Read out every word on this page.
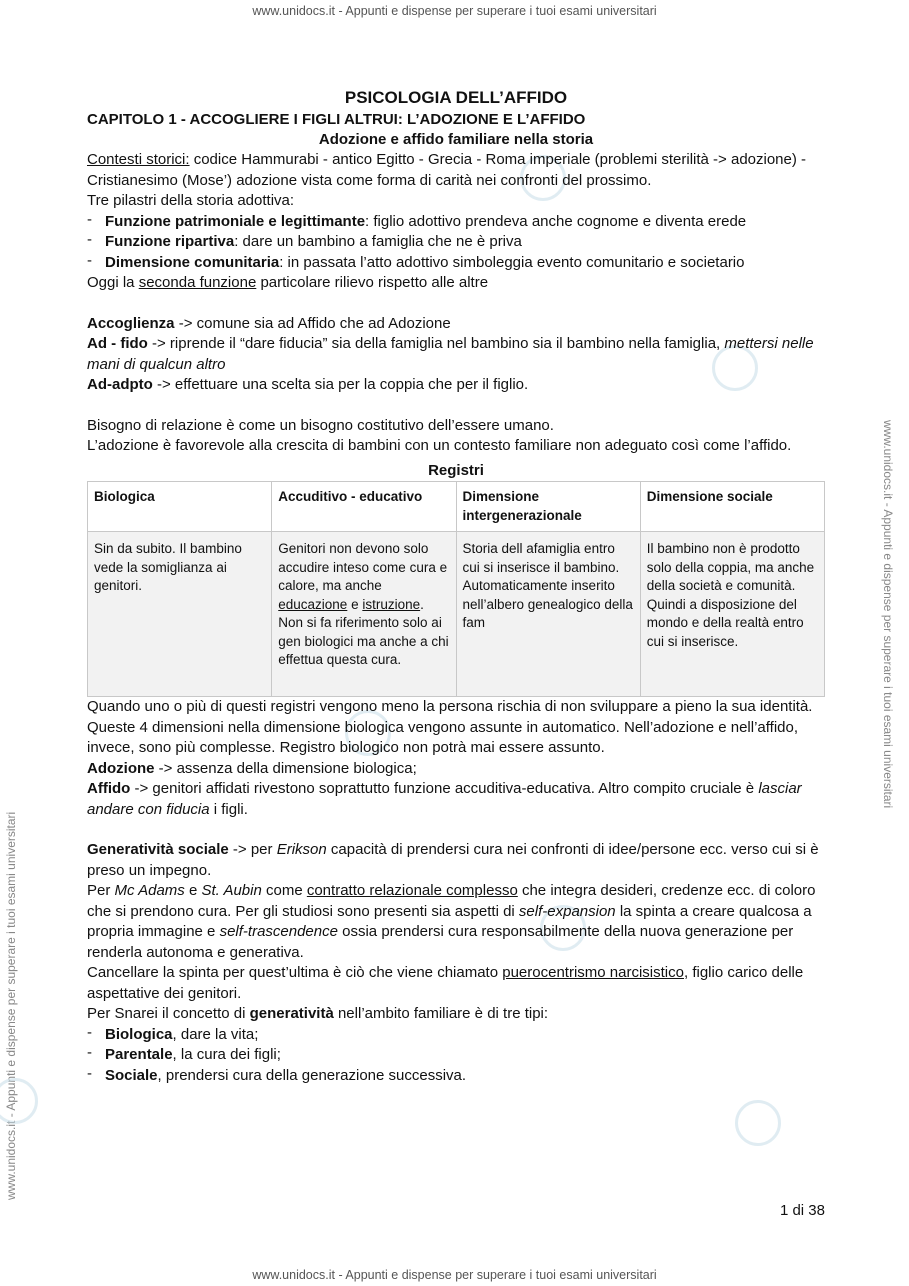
www.unidocs.it - Appunti e dispense per superare i tuoi esami universitari
www.unidocs.it - Appunti e dispense per superare i tuoi esami universitari
www.unidocs.it - Appunti e dispense per superare i tuoi esami universitari
www.unidocs.it - Appunti e dispense per superare i tuoi esami universitari
PSICOLOGIA DELL’AFFIDO
CAPITOLO 1 - ACCOGLIERE I FIGLI ALTRUI: L’ADOZIONE E L’AFFIDO
Adozione e affido familiare nella storia

Contesti storici: codice Hammurabi - antico Egitto - Grecia - Roma imperiale (problemi sterilità -> adozione) - Cristianesimo (Mose’) adozione vista come forma di carità nei confronti del prossimo.

Tre pilastri della storia adottiva:

- Funzione patrimoniale e legittimante: figlio adottivo prendeva anche cognome e diventa erede
- Funzione ripartiva: dare un bambino a famiglia che ne è priva
- Dimensione comunitaria: in passata l’atto adottivo simboleggia evento comunitario e societario

Oggi la seconda funzione particolare rilievo rispetto alle altre

Accoglienza -> comune sia ad Affido che ad Adozione

Ad - fido -> riprende il “dare fiducia” sia della famiglia nel bambino sia il bambino nella famiglia, mettersi nelle mani di qualcun altro

Ad-adpto -> effettuare una scelta sia per la coppia che per il figlio.

Bisogno di relazione è come un bisogno costitutivo dell’essere umano.

L’adozione è favorevole alla crescita di bambini con un contesto familiare non adeguato così come l’affido.

Registri
Biologica	Accuditivo - educativo	Dimensione intergenerazionale	Dimensione sociale
Sin da subito. Il bambino vede la somiglianza ai genitori.	Genitori non devono solo accudire inteso come cura e calore, ma anche educazione e istruzione. Non si fa riferimento solo ai gen biologici ma anche a chi effettua questa cura.	Storia dell afamiglia entro cui si inserisce il bambino. Automaticamente inserito nell’albero genealogico della fam	Il bambino non è prodotto solo della coppia, ma anche della società e comunità. Quindi a disposizione del mondo e della realtà entro cui si inserisce.

Quando uno o più di questi registri vengono meno la persona rischia di non sviluppare a pieno la sua identità.

Queste 4 dimensioni nella dimensione biologica vengono assunte in automatico. Nell’adozione e nell’affido, invece, sono più complesse. Registro biologico non potrà mai essere assunto.

Adozione -> assenza della dimensione biologica;

Affido -> genitori affidati rivestono soprattutto funzione accuditiva-educativa. Altro compito cruciale è lasciar andare con fiducia i figli.

Generatività sociale -> per Erikson capacità di prendersi cura nei confronti di idee/persone ecc. verso cui si è preso un impegno.

Per Mc Adams e St. Aubin come contratto relazionale complesso che integra desideri, credenze ecc. di coloro che si prendono cura. Per gli studiosi sono presenti sia aspetti di self-expansion la spinta a creare qualcosa a propria immagine e self-trascendence ossia prendersi cura responsabilmente della nuova generazione per renderla autonoma e generativa.

Cancellare la spinta per quest’ultima è ciò che viene chiamato puerocentrismo narcisistico, figlio carico delle aspettative dei genitori.

Per Snarei il concetto di generatività nell’ambito familiare è di tre tipi:

- Biologica, dare la vita;
- Parentale, la cura dei figli;
- Sociale, prendersi cura della generazione successiva.
1 di 38
